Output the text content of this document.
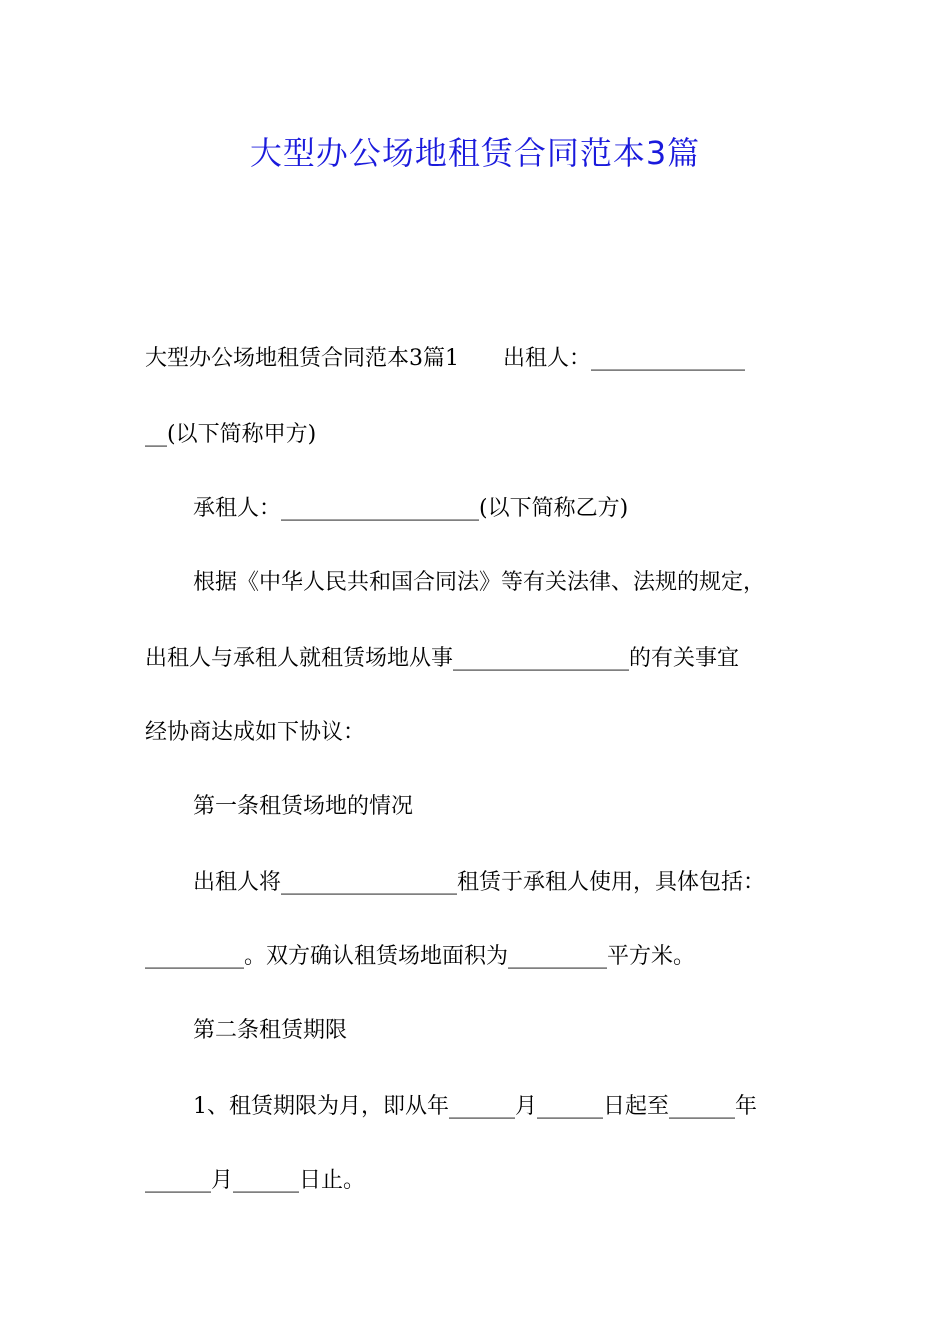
大型办公场地租赁合同范本3篇
大型办公场地租赁合同范本3篇1　　出租人：______________
__(以下简称甲方)
承租人：__________________(以下简称乙方)
根据《中华人民共和国合同法》等有关法律、法规的规定，
出租人与承租人就租赁场地从事________________的有关事宜
经协商达成如下协议：
第一条租赁场地的情况
出租人将________________租赁于承租人使用，具体包括：
_________。双方确认租赁场地面积为_________平方米。
第二条租赁期限
1、租赁期限为月，即从年______月______日起至______年
______月______日止。
